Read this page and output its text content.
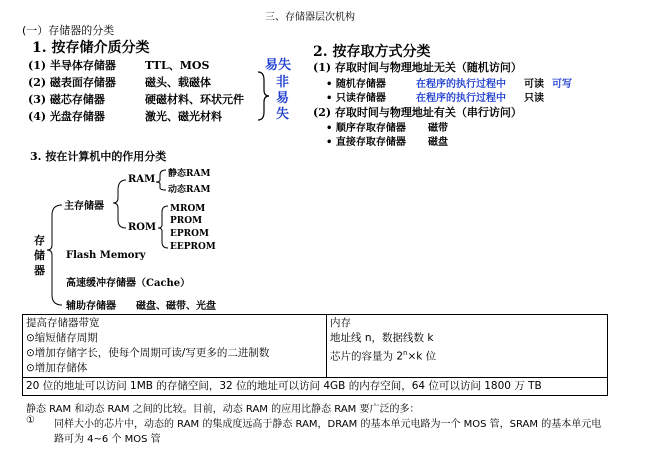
三、存储器层次机构
(一）存储器的分类
1. 按存储介质分类
(1) 半导体存储器	TTL、MOS
(2) 磁表面存储器	磁头、载磁体
(3) 磁芯存储器	硬磁材料、环状元件
(4) 光盘存储器	激光、磁光材料
易失
非
易
失
2. 按存取方式分类
(1) 存取时间与物理地址无关（随机访问）
• 随机存储器	在程序的执行过程中 可读 可写
• 只读存储器	在程序的执行过程中 只读
(2) 存取时间与物理地址有关（串行访问）
• 顺序存取存储器 磁带
• 直接存取存储器 磁盘
3. 按在计算机中的作用分类
存
储
器
主存储器
RAM 静态RAM
动态RAM
ROM
MROM
PROM
EPROM
EEPROM
Flash Memory
高速缓冲存储器（Cache）
辅助存储器 磁盘、磁带、光盘
提高存储器带宽
⊙缩短储存周期
⊙增加存储字长，使每个周期可读/写更多的二进制数
⊙增加存储体

内存
地址线 n，数据线数 k
芯片的容量为 $2^n\times k$ 位

20 位的地址可以访问 1MB 的存储空间，32 位的地址可以访问 4GB 的内存空间，64 位可以访问 1800 万 TB
静态 RAM 和动态 RAM 之间的比较。目前，动态 RAM 的应用比静态 RAM 要广泛的多：
① 同样大小的芯片中，动态的 RAM 的集成度远高于静态 RAM，DRAM 的基本单元电路为一个 MOS 管，SRAM 的基本单元电
路可为 4~6 个 MOS 管
